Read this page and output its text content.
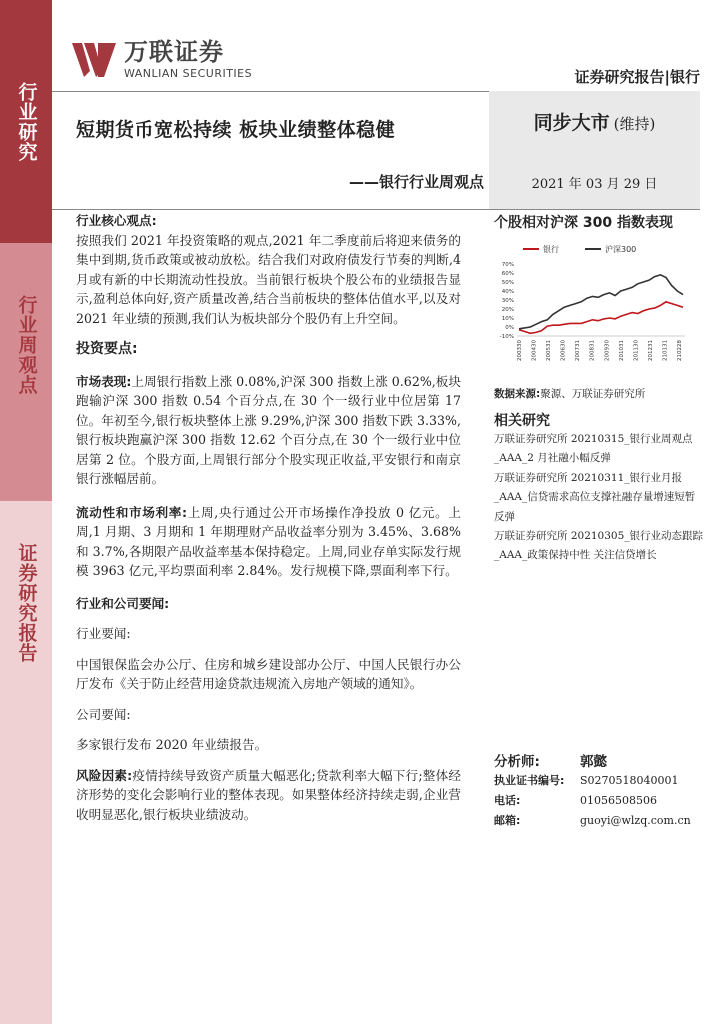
行业研究
行业周观点
证券研究报告
万联证券
WANLIAN SECURITIES	证券研究报告|银行
短期货币宽松持续 板块业绩整体稳健
——银行行业周观点
同步大市 (维持)
2021 年 03 月 29 日
行业核心观点:

按照我们 2021 年投资策略的观点,2021 年二季度前后将迎来债务的集中到期,货币政策或被动放松。结合我们对政府债发行节奏的判断,4 月或有新的中长期流动性投放。当前银行板块个股公布的业绩报告显示,盈利总体向好,资产质量改善,结合当前板块的整体估值水平,以及对 2021 年业绩的预测,我们认为板块部分个股仍有上升空间。

投资要点:

市场表现:上周银行指数上涨 0.08%,沪深 300 指数上涨 0.62%,板块跑输沪深 300 指数 0.54 个百分点,在 30 个一级行业中位居第 17 位。年初至今,银行板块整体上涨 9.29%,沪深 300 指数下跌 3.33%,银行板块跑赢沪深 300 指数 12.62 个百分点,在 30 个一级行业中位居第 2 位。个股方面,上周银行部分个股实现正收益,平安银行和南京银行涨幅居前。

流动性和市场利率:上周,央行通过公开市场操作净投放 0 亿元。上周,1 月期、3 月期和 1 年期理财产品收益率分别为 3.45%、3.68%和 3.7%,各期限产品收益率基本保持稳定。上周,同业存单实际发行规模 3963 亿元,平均票面利率 2.84%。发行规模下降,票面利率下行。

行业和公司要闻:

行业要闻:

中国银保监会办公厅、住房和城乡建设部办公厅、中国人民银行办公厅发布《关于防止经营用途贷款违规流入房地产领域的通知》。

公司要闻:

多家银行发布 2020 年业绩报告。

风险因素:疫情持续导致资产质量大幅恶化;贷款利率大幅下行;整体经济形势的变化会影响行业的整体表现。如果整体经济持续走弱,企业营收明显恶化,银行板块业绩波动。

个股相对沪深 300 指数表现
银行	沪深300
70%
60%
50%
40%
30%
20%
10%
0%
-10%
200330 200430 200531 200630 200731 200831 200930 201031 201130 201231 210131 210228
数据来源:聚源、万联证券研究所
相关研究

万联证券研究所 20210315_银行业周观点_AAA_2 月社融小幅反弹

万联证券研究所 20210311_银行业月报_AAA_信贷需求高位支撑社融存量增速短暂反弹

万联证券研究所 20210305_银行业动态跟踪_AAA_政策保持中性 关注信贷增长

分析师:	郭懿
执业证书编号:	S0270518040001
电话:	01056508506
邮箱:	guoyi@wlzq.com.cn
